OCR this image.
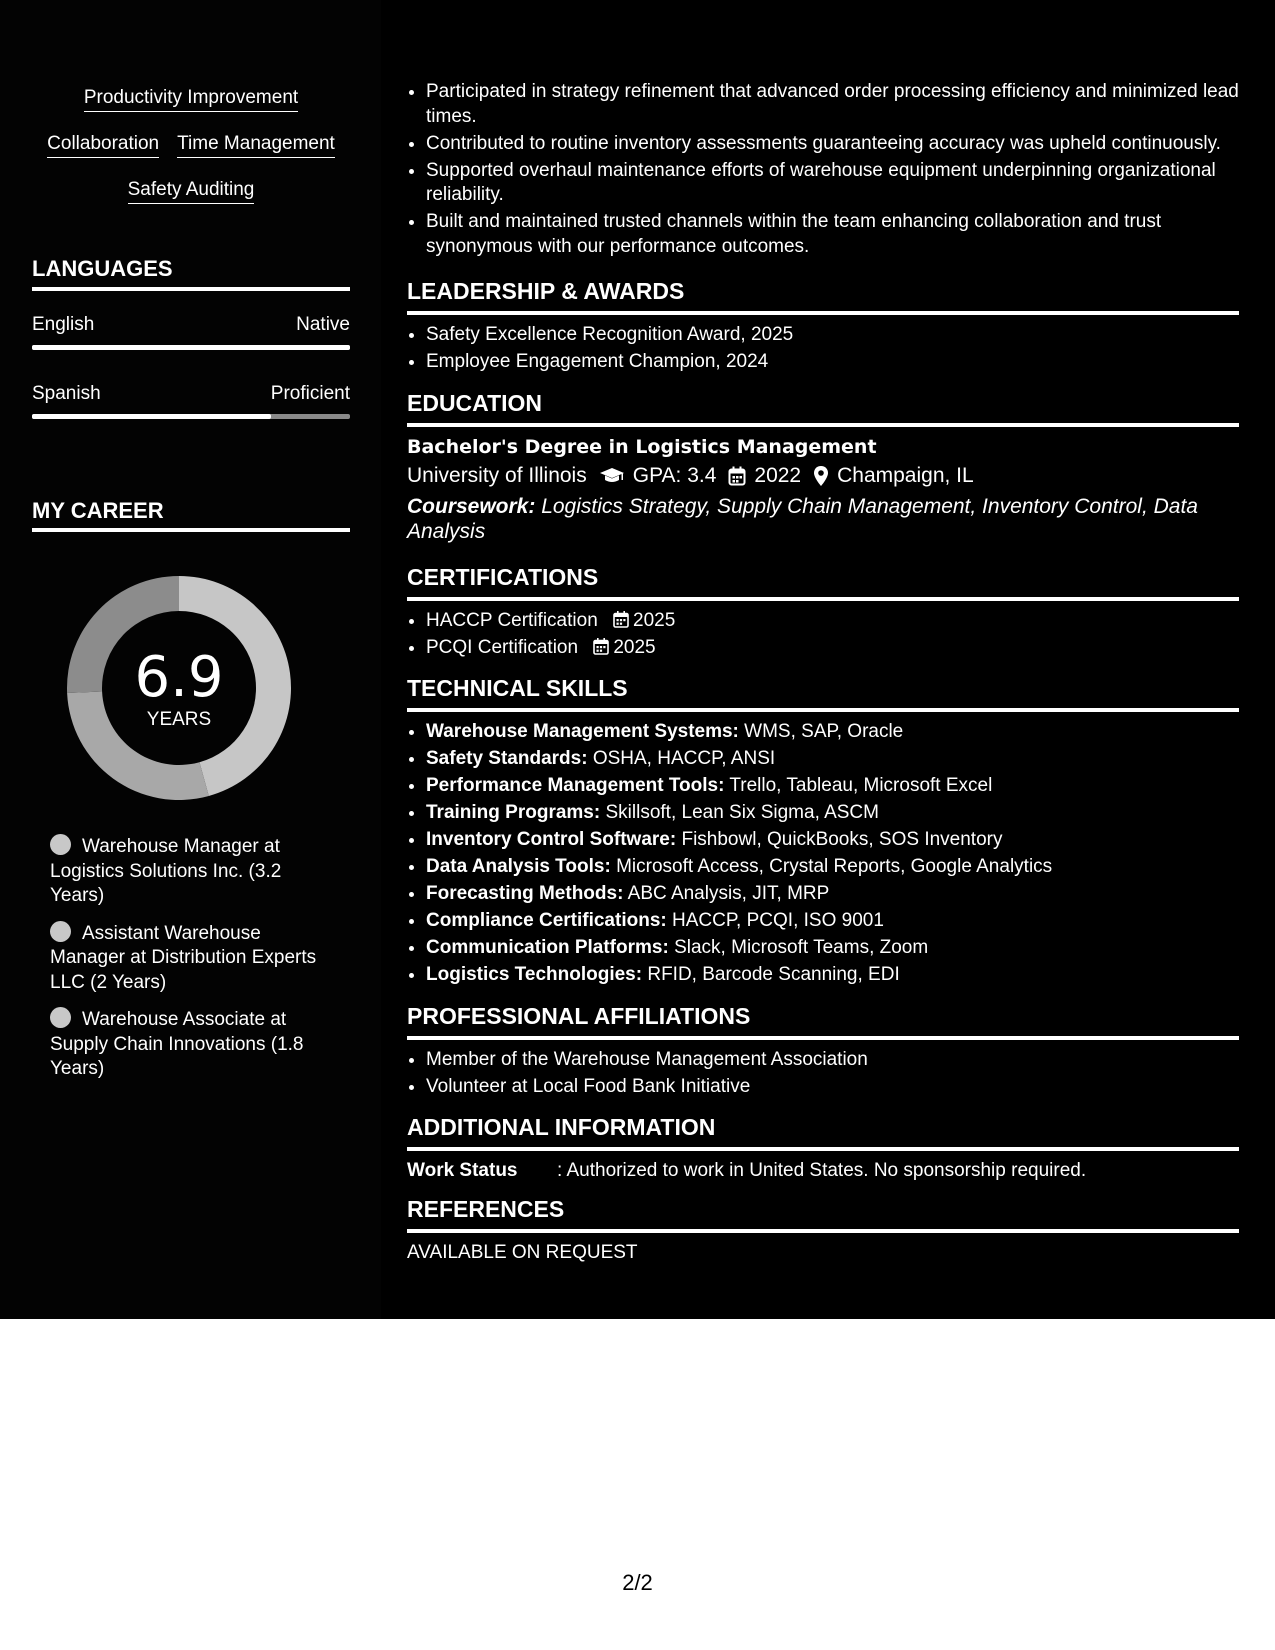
Productivity Improvement
Collaboration Time Management
Safety Auditing
LANGUAGES
English	Native
Spanish	Proficient
MY CAREER
6.9
YEARS
Warehouse Manager at Logistics Solutions Inc. (3.2 Years)
Assistant Warehouse Manager at Distribution Experts LLC (2 Years)
Warehouse Associate at Supply Chain Innovations (1.8 Years)
• Participated in strategy refinement that advanced order processing efficiency and minimized lead times.
• Contributed to routine inventory assessments guaranteeing accuracy was upheld continuously.
• Supported overhaul maintenance efforts of warehouse equipment underpinning organizational reliability.
• Built and maintained trusted channels within the team enhancing collaboration and trust synonymous with our performance outcomes.
LEADERSHIP & AWARDS
• Safety Excellence Recognition Award, 2025
• Employee Engagement Champion, 2024
EDUCATION
Bachelor's Degree in Logistics Management
University of Illinois GPA: 3.4 2022 Champaign, IL
Coursework: Logistics Strategy, Supply Chain Management, Inventory Control, Data Analysis
CERTIFICATIONS
• HACCP Certification 2025
• PCQI Certification 2025
TECHNICAL SKILLS
• Warehouse Management Systems: WMS, SAP, Oracle
• Safety Standards: OSHA, HACCP, ANSI
• Performance Management Tools: Trello, Tableau, Microsoft Excel
• Training Programs: Skillsoft, Lean Six Sigma, ASCM
• Inventory Control Software: Fishbowl, QuickBooks, SOS Inventory
• Data Analysis Tools: Microsoft Access, Crystal Reports, Google Analytics
• Forecasting Methods: ABC Analysis, JIT, MRP
• Compliance Certifications: HACCP, PCQI, ISO 9001
• Communication Platforms: Slack, Microsoft Teams, Zoom
• Logistics Technologies: RFID, Barcode Scanning, EDI
PROFESSIONAL AFFILIATIONS
• Member of the Warehouse Management Association
• Volunteer at Local Food Bank Initiative
ADDITIONAL INFORMATION
Work Status	: Authorized to work in United States. No sponsorship required.
REFERENCES
AVAILABLE ON REQUEST
2/2
